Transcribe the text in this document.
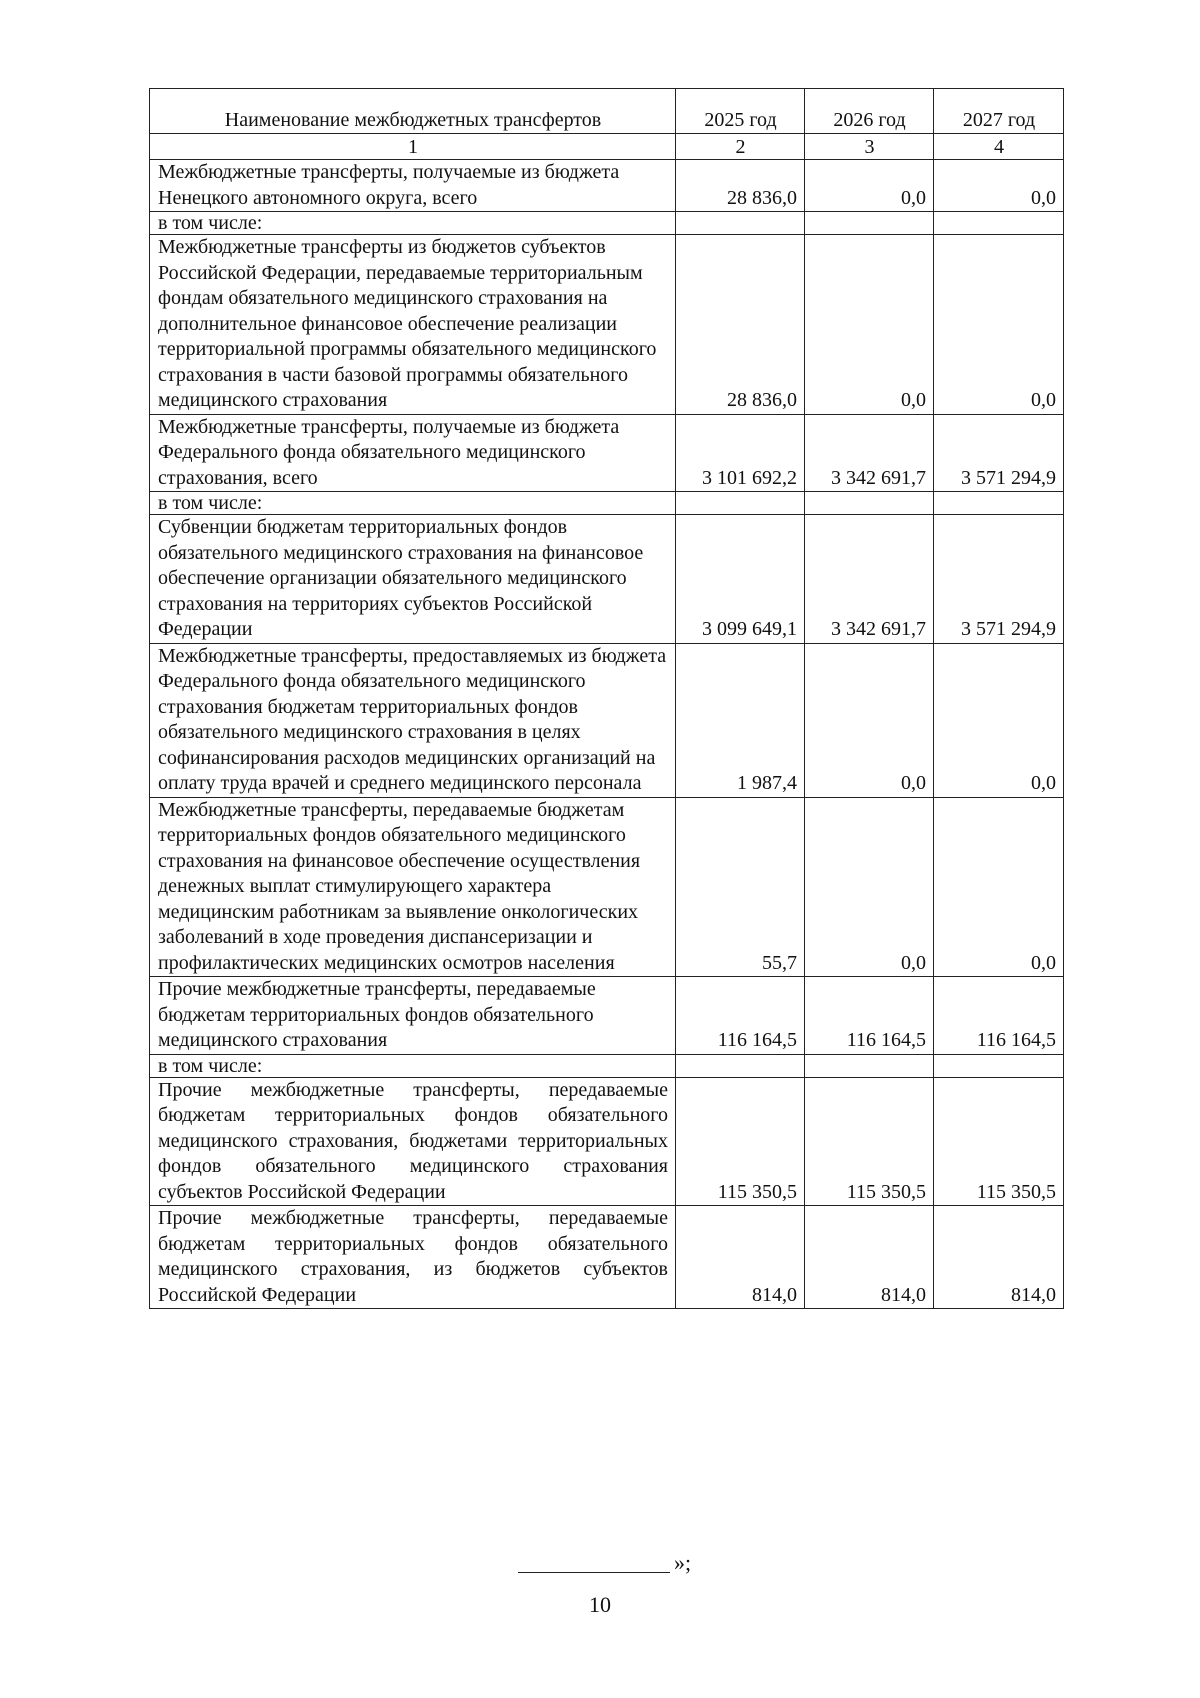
Наименование межбюджетных трансфертов	2025 год	2026 год	2027 год
1	2	3	4
Межбюджетные трансферты, получаемые из бюджета Ненецкого автономного округа, всего	28 836,0	0,0	0,0
в том числе:			
Межбюджетные трансферты из бюджетов субъектов Российской Федерации, передаваемые территориальным фондам обязательного медицинского страхования на дополнительное финансовое обеспечение реализации территориальной программы обязательного медицинского страхования в части базовой программы обязательного медицинского страхования	28 836,0	0,0	0,0
Межбюджетные трансферты, получаемые из бюджета Федерального фонда обязательного медицинского страхования, всего	3 101 692,2	3 342 691,7	3 571 294,9
в том числе:			
Субвенции бюджетам территориальных фондов обязательного медицинского страхования на финансовое обеспечение организации обязательного медицинского страхования на территориях субъектов Российской Федерации	3 099 649,1	3 342 691,7	3 571 294,9
Межбюджетные трансферты, предоставляемых из бюджета Федерального фонда обязательного медицинского страхования бюджетам территориальных фондов обязательного медицинского страхования в целях софинансирования расходов медицинских организаций на оплату труда врачей и среднего медицинского персонала	1 987,4	0,0	0,0
Межбюджетные трансферты, передаваемые бюджетам территориальных фондов обязательного медицинского страхования на финансовое обеспечение осуществления денежных выплат стимулирующего характера медицинским работникам за выявление онкологических заболеваний в ходе проведения диспансеризации и профилактических медицинских осмотров населения	55,7	0,0	0,0
Прочие межбюджетные трансферты, передаваемые бюджетам территориальных фондов обязательного медицинского страхования	116 164,5	116 164,5	116 164,5
в том числе:			
Прочие межбюджетные трансферты, передаваемые бюджетам территориальных фондов обязательного медицинского страхования, бюджетами территориальных фондов обязательного медицинского страхования субъектов Российской Федерации	115 350,5	115 350,5	115 350,5
Прочие межбюджетные трансферты, передаваемые бюджетам территориальных фондов обязательного медицинского страхования, из бюджетов субъектов Российской Федерации	814,0	814,0	814,0
»;
10
